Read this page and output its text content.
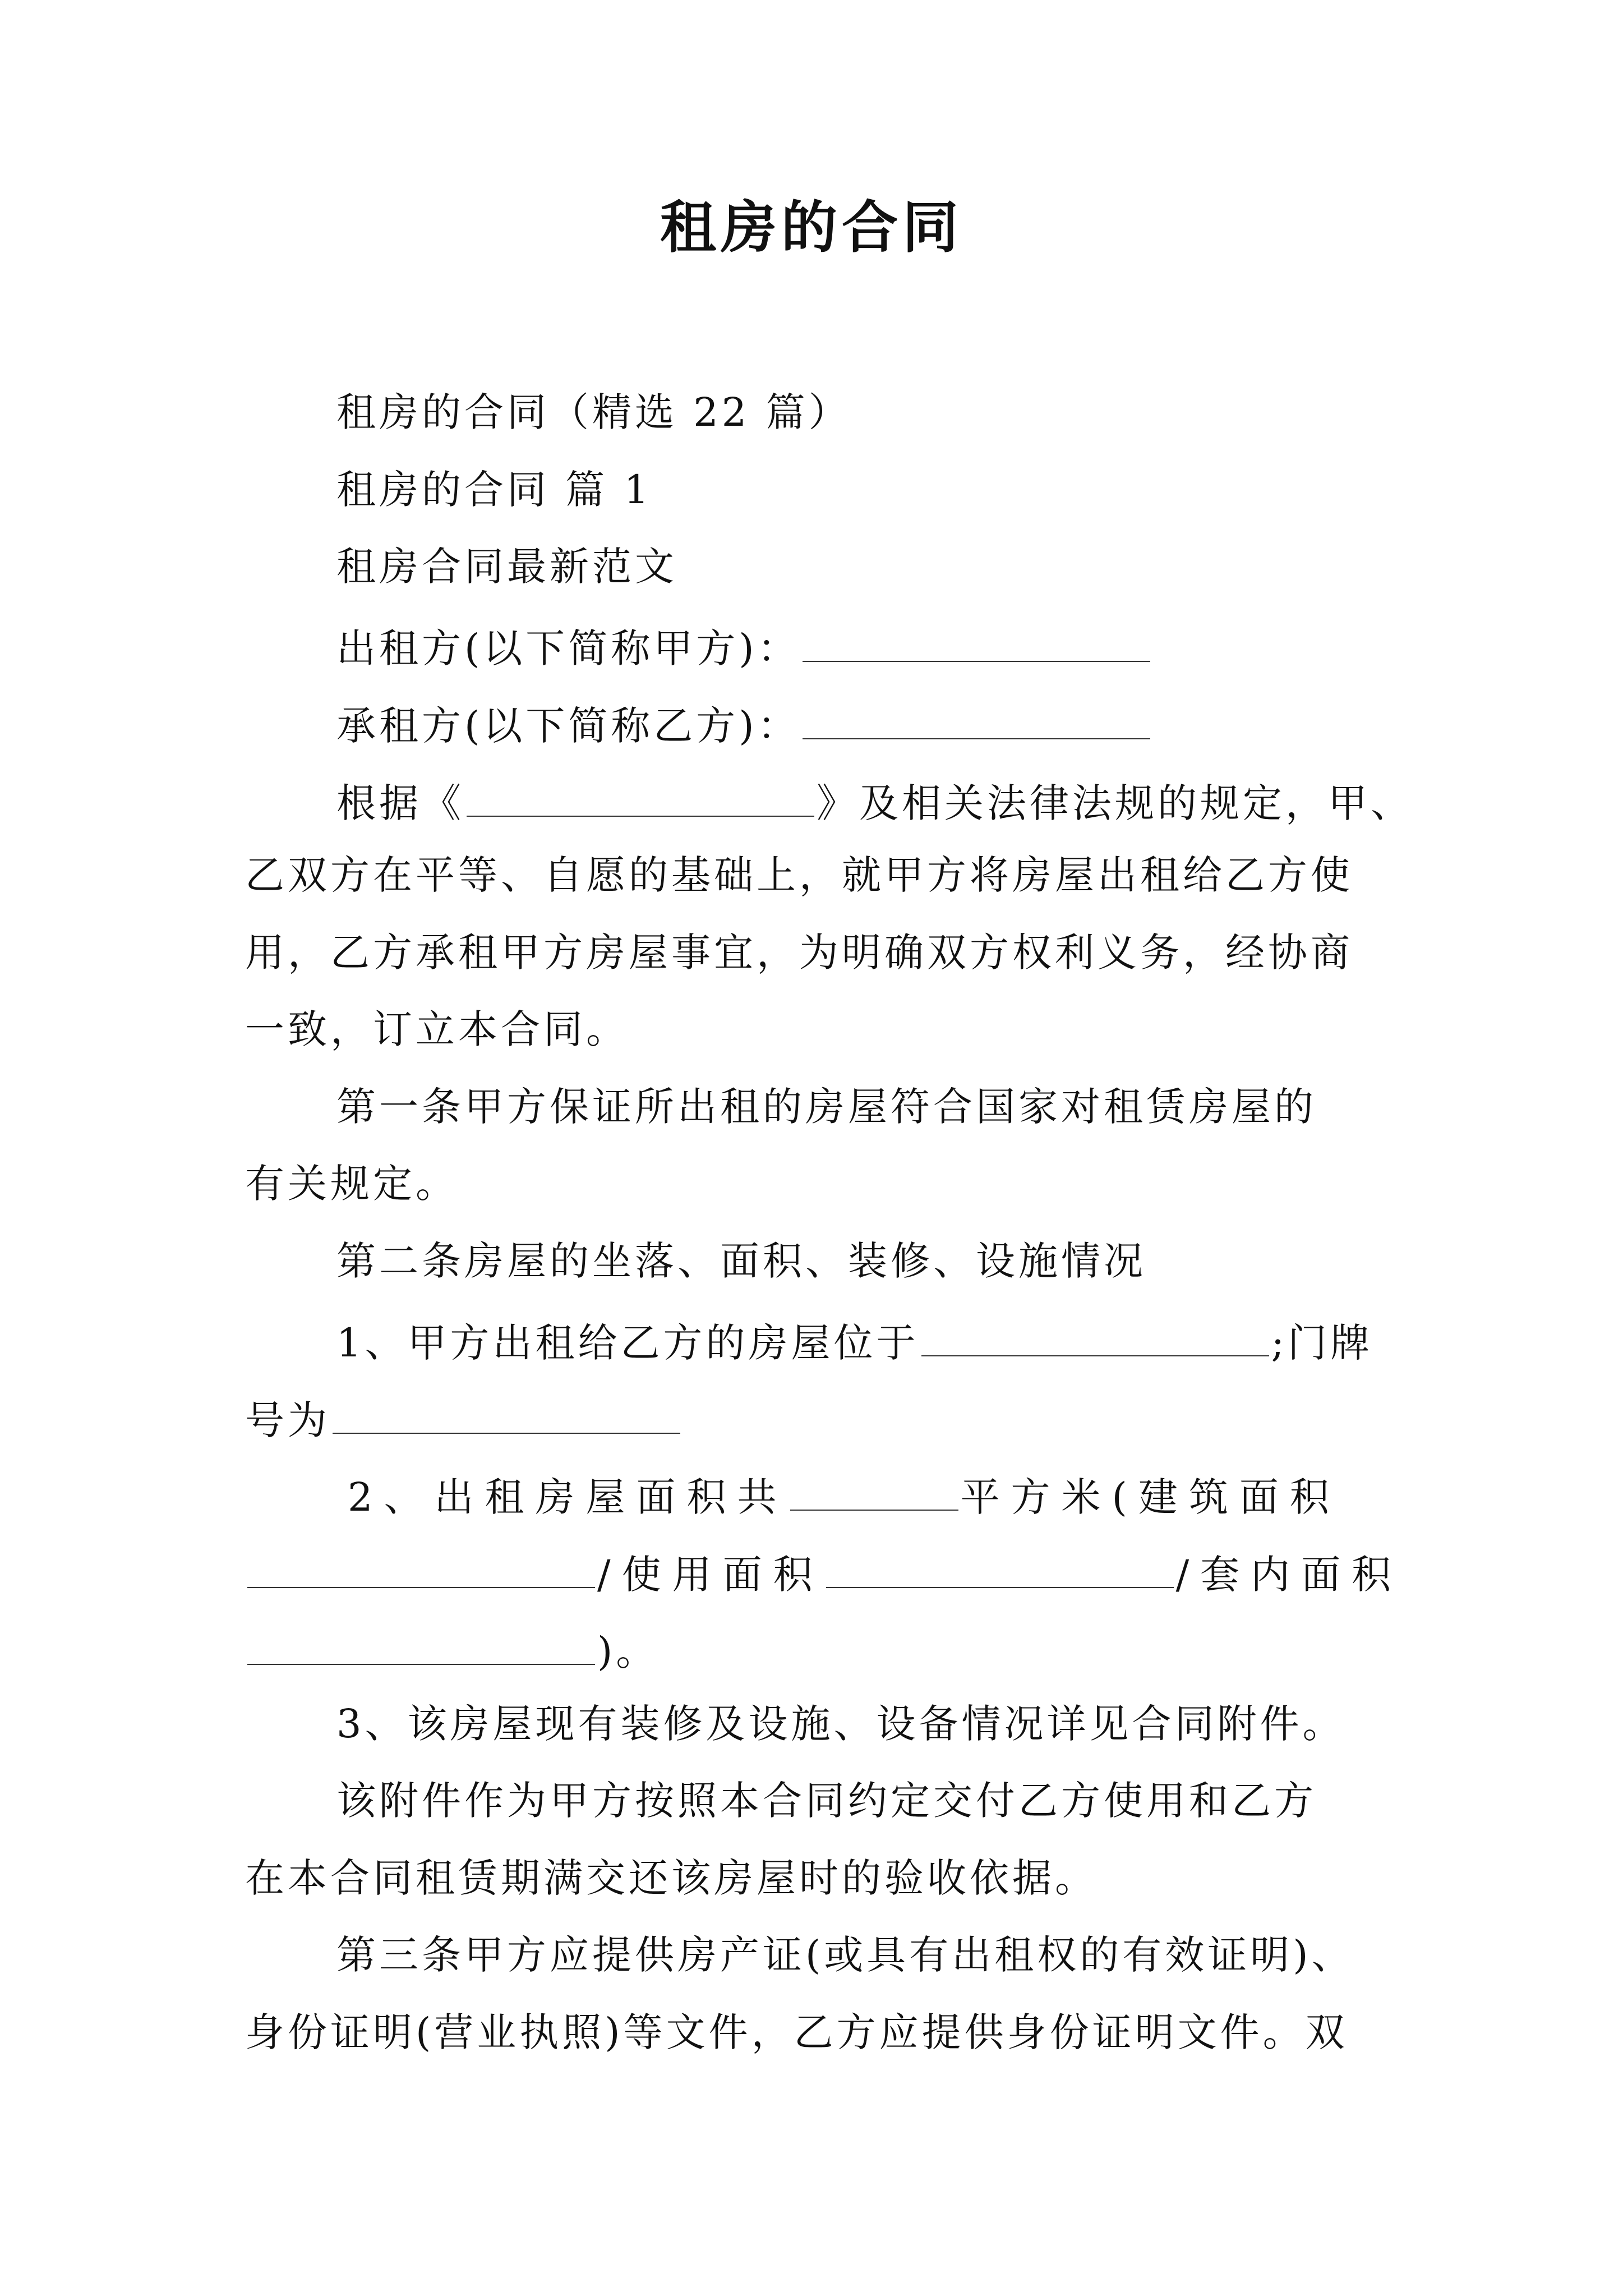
租房的合同
租房的合同（精选 22 篇）
租房的合同 篇 1
租房合同最新范文
出租方(以下简称甲方)：
承租方(以下简称乙方)：
根据《	》及相关法律法规的规定，甲、
乙双方在平等、自愿的基础上，就甲方将房屋出租给乙方使
用，乙方承租甲方房屋事宜，为明确双方权利义务，经协商
一致，订立本合同。
第一条甲方保证所出租的房屋符合国家对租赁房屋的
有关规定。
第二条房屋的坐落、面积、装修、设施情况
1、甲方出租给乙方的房屋位于	;门牌
号为
2、出租房屋面积共	平方米(建筑面积
/使用面积	/套内面积
)。
3、该房屋现有装修及设施、设备情况详见合同附件。
该附件作为甲方按照本合同约定交付乙方使用和乙方
在本合同租赁期满交还该房屋时的验收依据。
第三条甲方应提供房产证(或具有出租权的有效证明)、
身份证明(营业执照)等文件，乙方应提供身份证明文件。双
